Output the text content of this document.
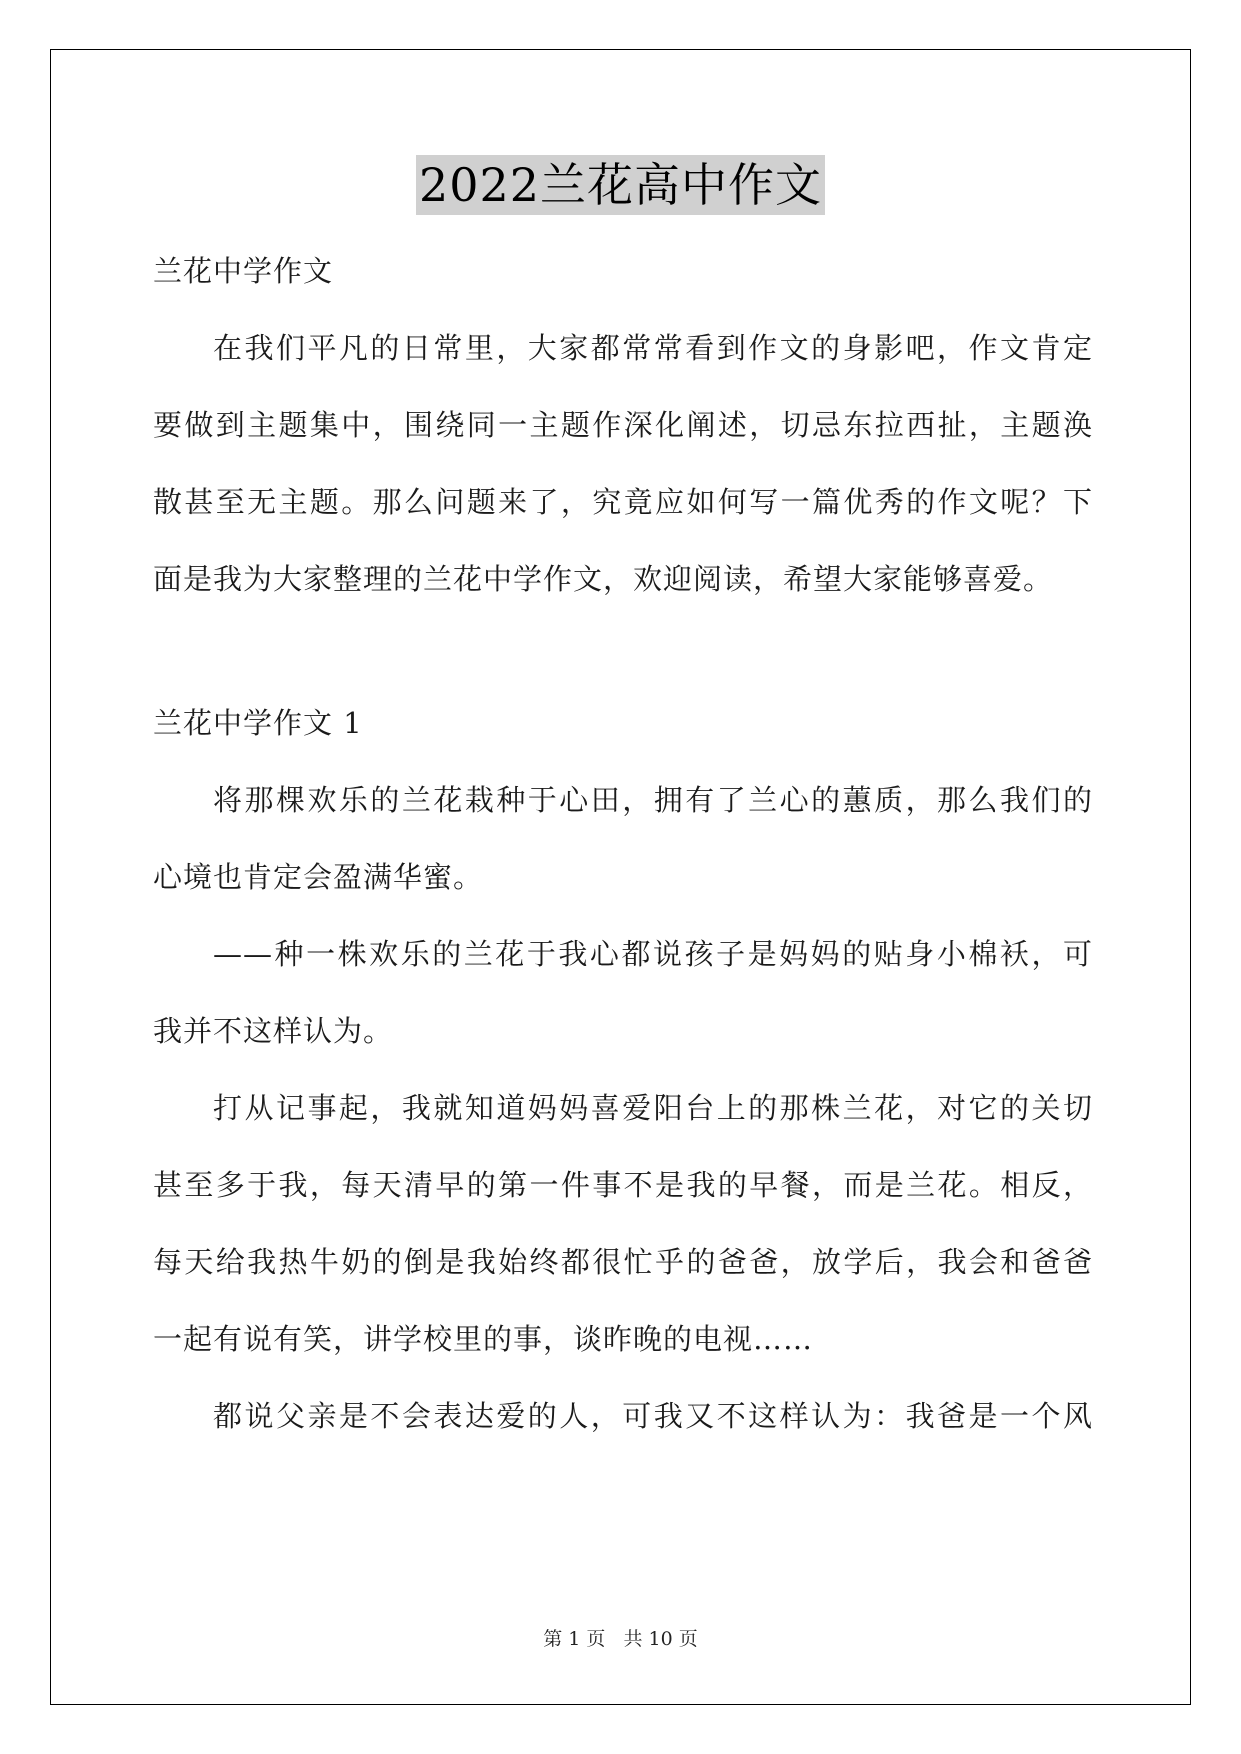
2022兰花高中作文
兰花中学作文
在我们平凡的日常里，大家都常常看到作文的身影吧，作文肯定
要做到主题集中，围绕同一主题作深化阐述，切忌东拉西扯，主题涣
散甚至无主题。那么问题来了，究竟应如何写一篇优秀的作文呢？下
面是我为大家整理的兰花中学作文，欢迎阅读，希望大家能够喜爱。
兰花中学作文 1
将那棵欢乐的兰花栽种于心田，拥有了兰心的蕙质，那么我们的
心境也肯定会盈满华蜜。
——种一株欢乐的兰花于我心都说孩子是妈妈的贴身小棉袄，可
我并不这样认为。
打从记事起，我就知道妈妈喜爱阳台上的那株兰花，对它的关切
甚至多于我，每天清早的第一件事不是我的早餐，而是兰花。相反，
每天给我热牛奶的倒是我始终都很忙乎的爸爸，放学后，我会和爸爸
一起有说有笑，讲学校里的事，谈昨晚的电视……
都说父亲是不会表达爱的人，可我又不这样认为：我爸是一个风
第 1 页   共 10 页
